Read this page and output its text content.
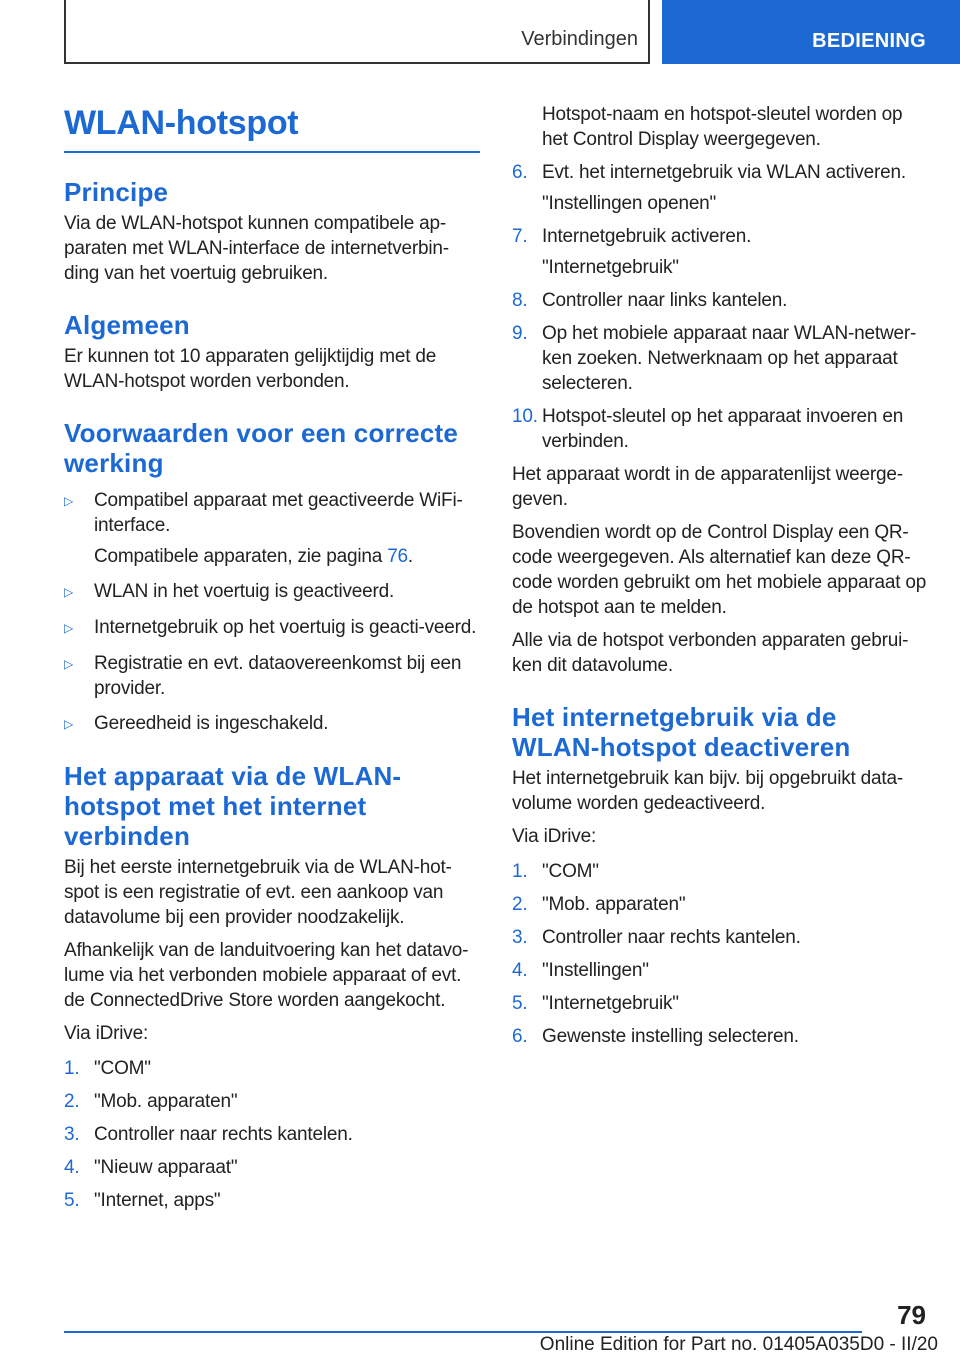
Verbindingen	BEDIENING
WLAN-hotspot
Principe

Via de WLAN-hotspot kunnen compatibele ap-paraten met WLAN-interface de internetverbin-ding van het voertuig gebruiken.

Algemeen

Er kunnen tot 10 apparaten gelijktijdig met de WLAN-hotspot worden verbonden.

Voorwaarden voor een correcte werking
▷	Compatibel apparaat met geactiveerde WiFi-interface.

Compatibele apparaten, zie pagina 76.

▷	WLAN in het voertuig is geactiveerd.
▷	Internetgebruik op het voertuig is geacti-veerd.
▷	Registratie en evt. dataovereenkomst bij een provider.
▷	Gereedheid is ingeschakeld.
Het apparaat via de WLAN-hotspot met het internet verbinden

Bij het eerste internetgebruik via de WLAN-hot-spot is een registratie of evt. een aankoop van datavolume bij een provider noodzakelijk.

Afhankelijk van de landuitvoering kan het datavo-lume via het verbonden mobiele apparaat of evt. de ConnectedDrive Store worden aangekocht.

Via iDrive:

1. "COM"
2. "Mob. apparaten"
3. Controller naar rechts kantelen.
4. "Nieuw apparaat"
5. "Internet, apps"

Hotspot-naam en hotspot-sleutel worden op het Control Display weergegeven.

6. Evt. het internetgebruik via WLAN activeren.

"Instellingen openen"

7. Internetgebruik activeren.

"Internetgebruik"

8. Controller naar links kantelen.
9. Op het mobiele apparaat naar WLAN-netwer-ken zoeken. Netwerknaam op het apparaat selecteren.
10. Hotspot-sleutel op het apparaat invoeren en verbinden.

Het apparaat wordt in de apparatenlijst weerge-geven.

Bovendien wordt op de Control Display een QR-code weergegeven. Als alternatief kan deze QR-code worden gebruikt om het mobiele apparaat op de hotspot aan te melden.

Alle via de hotspot verbonden apparaten gebrui-ken dit datavolume.

Het internetgebruik via de WLAN-hotspot deactiveren

Het internetgebruik kan bijv. bij opgebruikt data-volume worden gedeactiveerd.

Via iDrive:

1. "COM"
2. "Mob. apparaten"
3. Controller naar rechts kantelen.
4. "Instellingen"
5. "Internetgebruik"
6. Gewenste instelling selecteren.
79
Online Edition for Part no. 01405A035D0 - II/20
